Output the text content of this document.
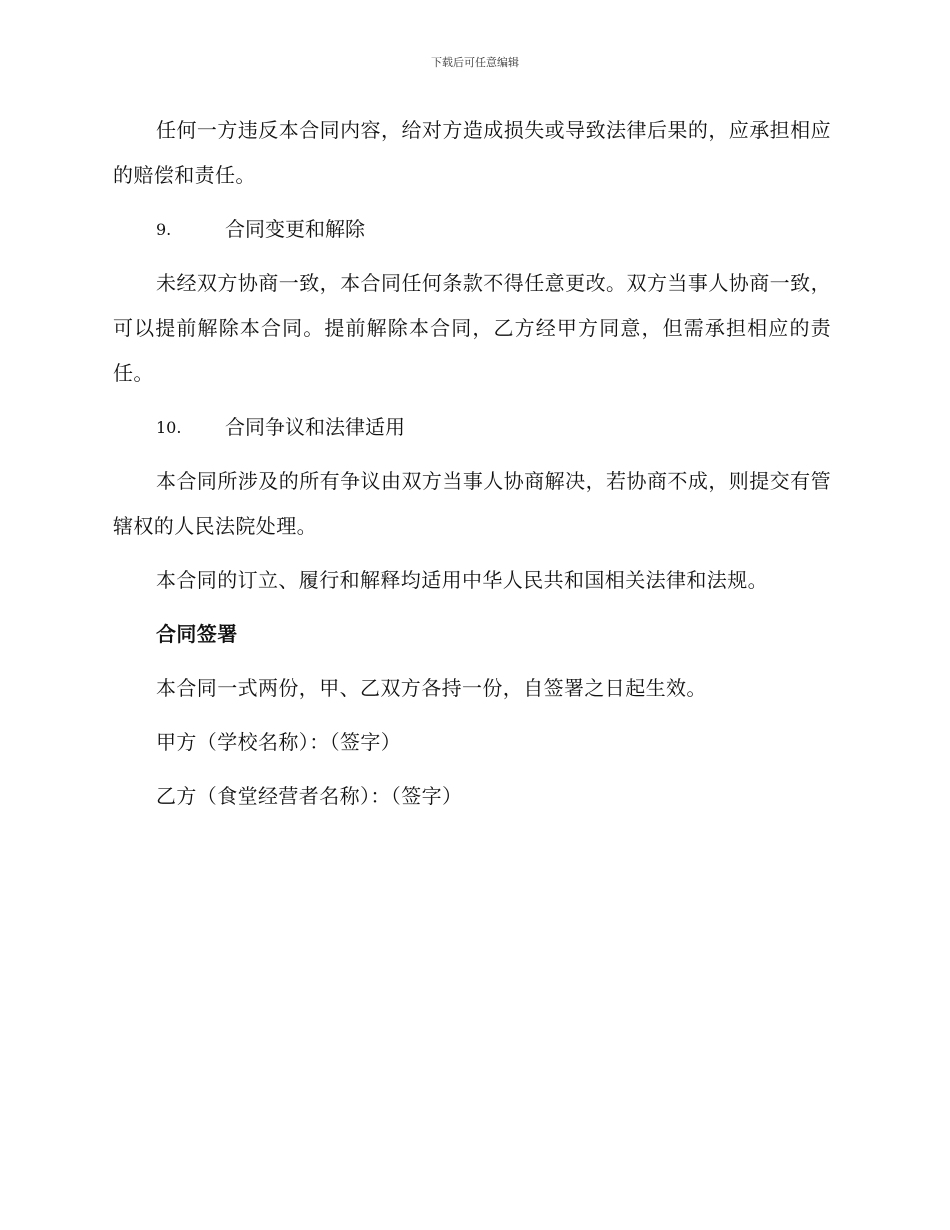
下载后可任意编辑

任何一方违反本合同内容，给对方造成损失或导致法律后果的，应承担相应的赔偿和责任。

9.	合同变更和解除

未经双方协商一致，本合同任何条款不得任意更改。双方当事人协商一致，可以提前解除本合同。提前解除本合同，乙方经甲方同意，但需承担相应的责任。

10.	合同争议和法律适用

本合同所涉及的所有争议由双方当事人协商解决，若协商不成，则提交有管辖权的人民法院处理。

本合同的订立、履行和解释均适用中华人民共和国相关法律和法规。

合同签署

本合同一式两份，甲、乙双方各持一份，自签署之日起生效。

甲方（学校名称）：（签字）

乙方（食堂经营者名称）：（签字）
